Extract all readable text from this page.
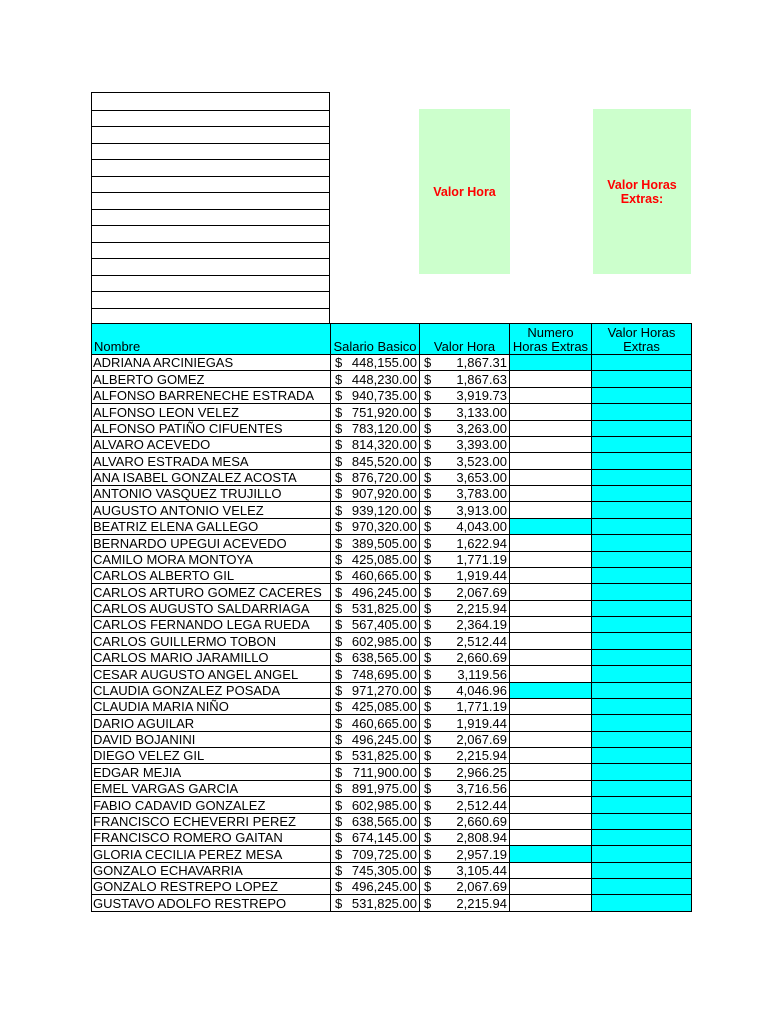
Valor Hora	Valor Horas Extras:
Nombre	Salario Basico	Valor Hora	Numero Horas Extras	Valor Horas Extras
ADRIANA ARCINIEGAS	$ 448,155.00	$ 1,867.31		
ALBERTO GOMEZ	$ 448,230.00	$ 1,867.63		
ALFONSO BARRENECHE ESTRADA	$ 940,735.00	$ 3,919.73		
ALFONSO LEON VELEZ	$ 751,920.00	$ 3,133.00		
ALFONSO PATIÑO CIFUENTES	$ 783,120.00	$ 3,263.00		
ALVARO ACEVEDO	$ 814,320.00	$ 3,393.00		
ALVARO ESTRADA MESA	$ 845,520.00	$ 3,523.00		
ANA ISABEL GONZALEZ ACOSTA	$ 876,720.00	$ 3,653.00		
ANTONIO VASQUEZ TRUJILLO	$ 907,920.00	$ 3,783.00		
AUGUSTO ANTONIO VELEZ	$ 939,120.00	$ 3,913.00		
BEATRIZ ELENA GALLEGO	$ 970,320.00	$ 4,043.00		
BERNARDO UPEGUI ACEVEDO	$ 389,505.00	$ 1,622.94		
CAMILO MORA MONTOYA	$ 425,085.00	$ 1,771.19		
CARLOS ALBERTO GIL	$ 460,665.00	$ 1,919.44		
CARLOS ARTURO GOMEZ CACERES	$ 496,245.00	$ 2,067.69		
CARLOS AUGUSTO SALDARRIAGA	$ 531,825.00	$ 2,215.94		
CARLOS FERNANDO LEGA RUEDA	$ 567,405.00	$ 2,364.19		
CARLOS GUILLERMO TOBON	$ 602,985.00	$ 2,512.44		
CARLOS MARIO JARAMILLO	$ 638,565.00	$ 2,660.69		
CESAR AUGUSTO ANGEL ANGEL	$ 748,695.00	$ 3,119.56		
CLAUDIA GONZALEZ POSADA	$ 971,270.00	$ 4,046.96		
CLAUDIA MARIA NIÑO	$ 425,085.00	$ 1,771.19		
DARIO AGUILAR	$ 460,665.00	$ 1,919.44		
DAVID BOJANINI	$ 496,245.00	$ 2,067.69		
DIEGO VELEZ GIL	$ 531,825.00	$ 2,215.94		
EDGAR MEJIA	$ 711,900.00	$ 2,966.25		
EMEL VARGAS GARCIA	$ 891,975.00	$ 3,716.56		
FABIO CADAVID GONZALEZ	$ 602,985.00	$ 2,512.44		
FRANCISCO ECHEVERRI PEREZ	$ 638,565.00	$ 2,660.69		
FRANCISCO ROMERO GAITAN	$ 674,145.00	$ 2,808.94		
GLORIA CECILIA PEREZ MESA	$ 709,725.00	$ 2,957.19		
GONZALO ECHAVARRIA	$ 745,305.00	$ 3,105.44		
GONZALO RESTREPO LOPEZ	$ 496,245.00	$ 2,067.69		
GUSTAVO ADOLFO RESTREPO	$ 531,825.00	$ 2,215.94		
